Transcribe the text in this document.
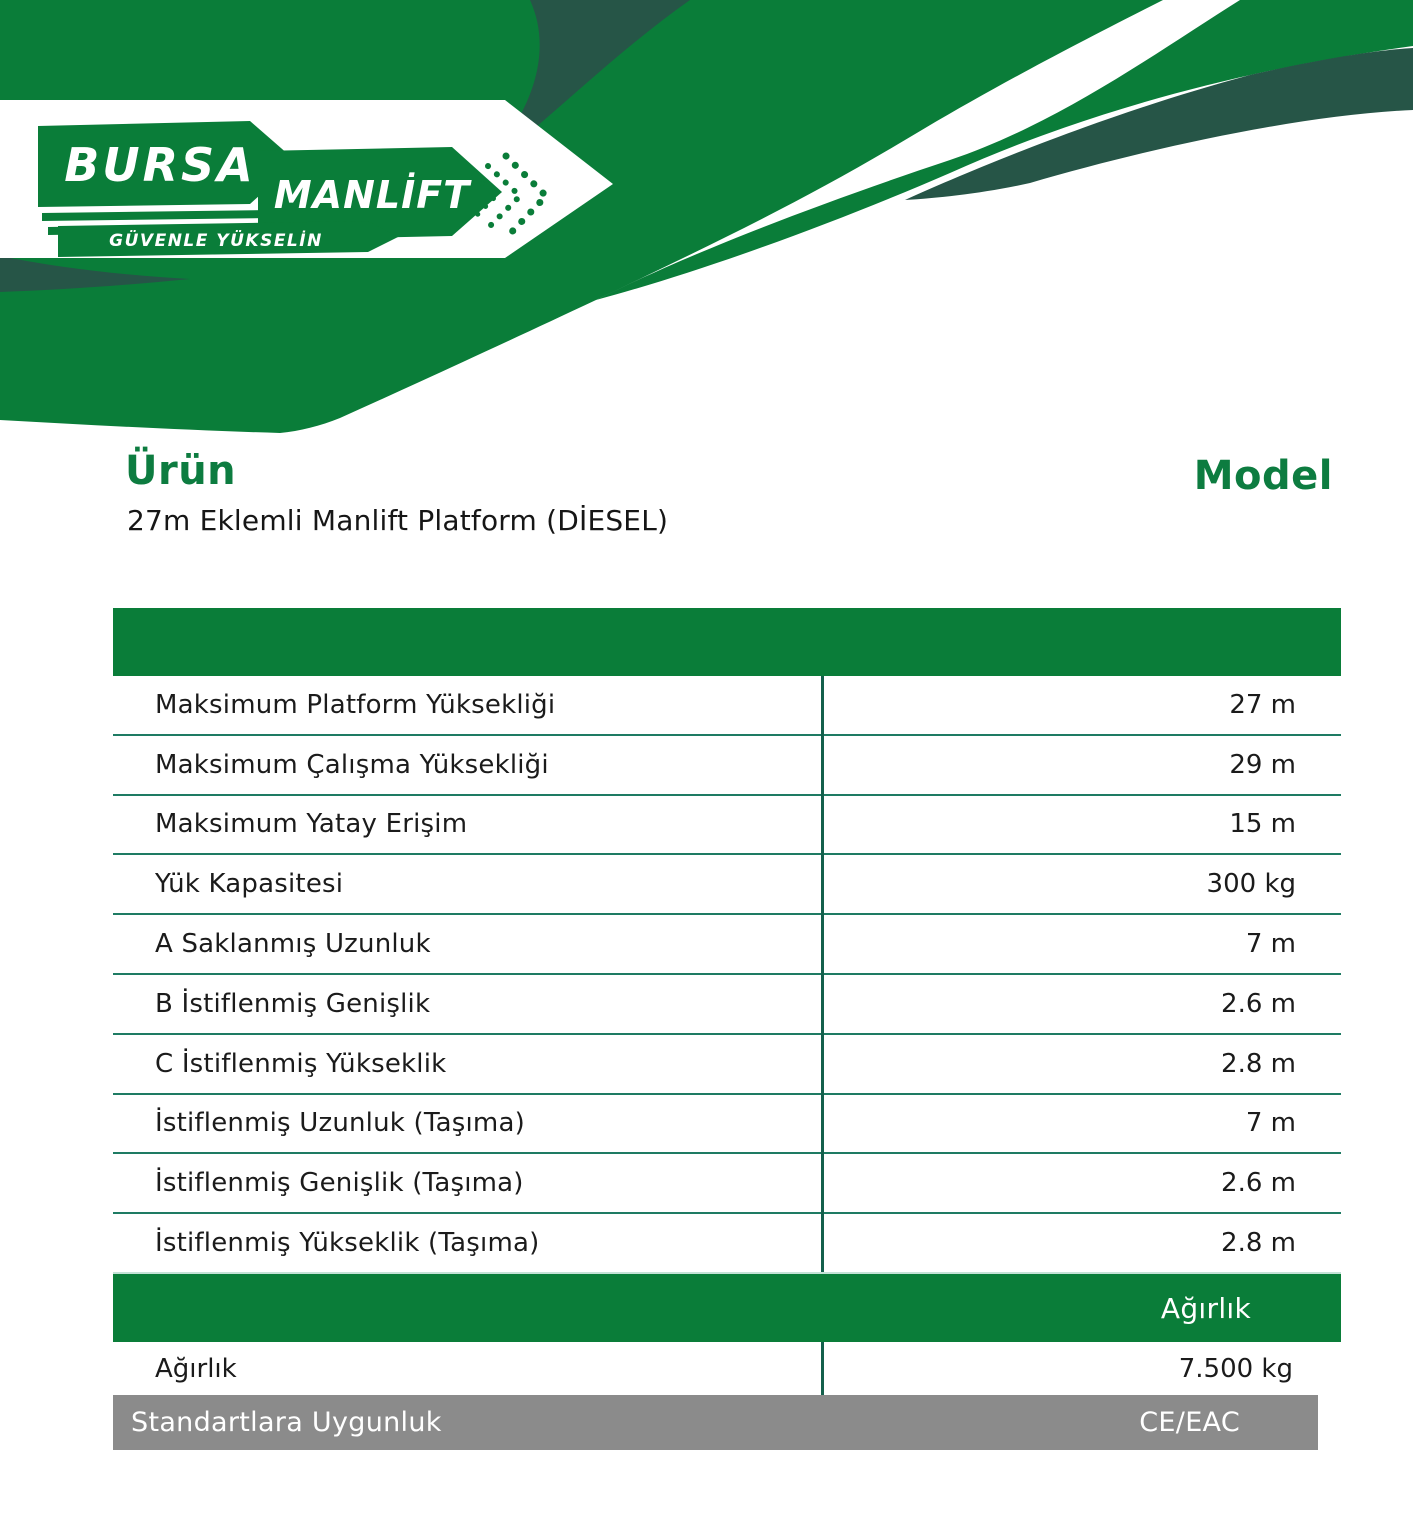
BURSA
MANLİFT
GÜVENLE YÜKSELİN
Ürün	Model
27m Eklemli Manlift Platform (DİESEL)
Maksimum Platform Yüksekliği	27 m
Maksimum Çalışma Yüksekliği	29 m
Maksimum Yatay Erişim	15 m
Yük Kapasitesi	300 kg
A Saklanmış Uzunluk	7 m
B İstiflenmiş Genişlik	2.6 m
C İstiflenmiş Yükseklik	2.8 m
İstiflenmiş Uzunluk (Taşıma)	7 m
İstiflenmiş Genişlik (Taşıma)	2.6 m
İstiflenmiş Yükseklik (Taşıma)	2.8 m
Ağırlık
Ağırlık	7.500 kg
Standartlara Uygunluk	CE/EAC
